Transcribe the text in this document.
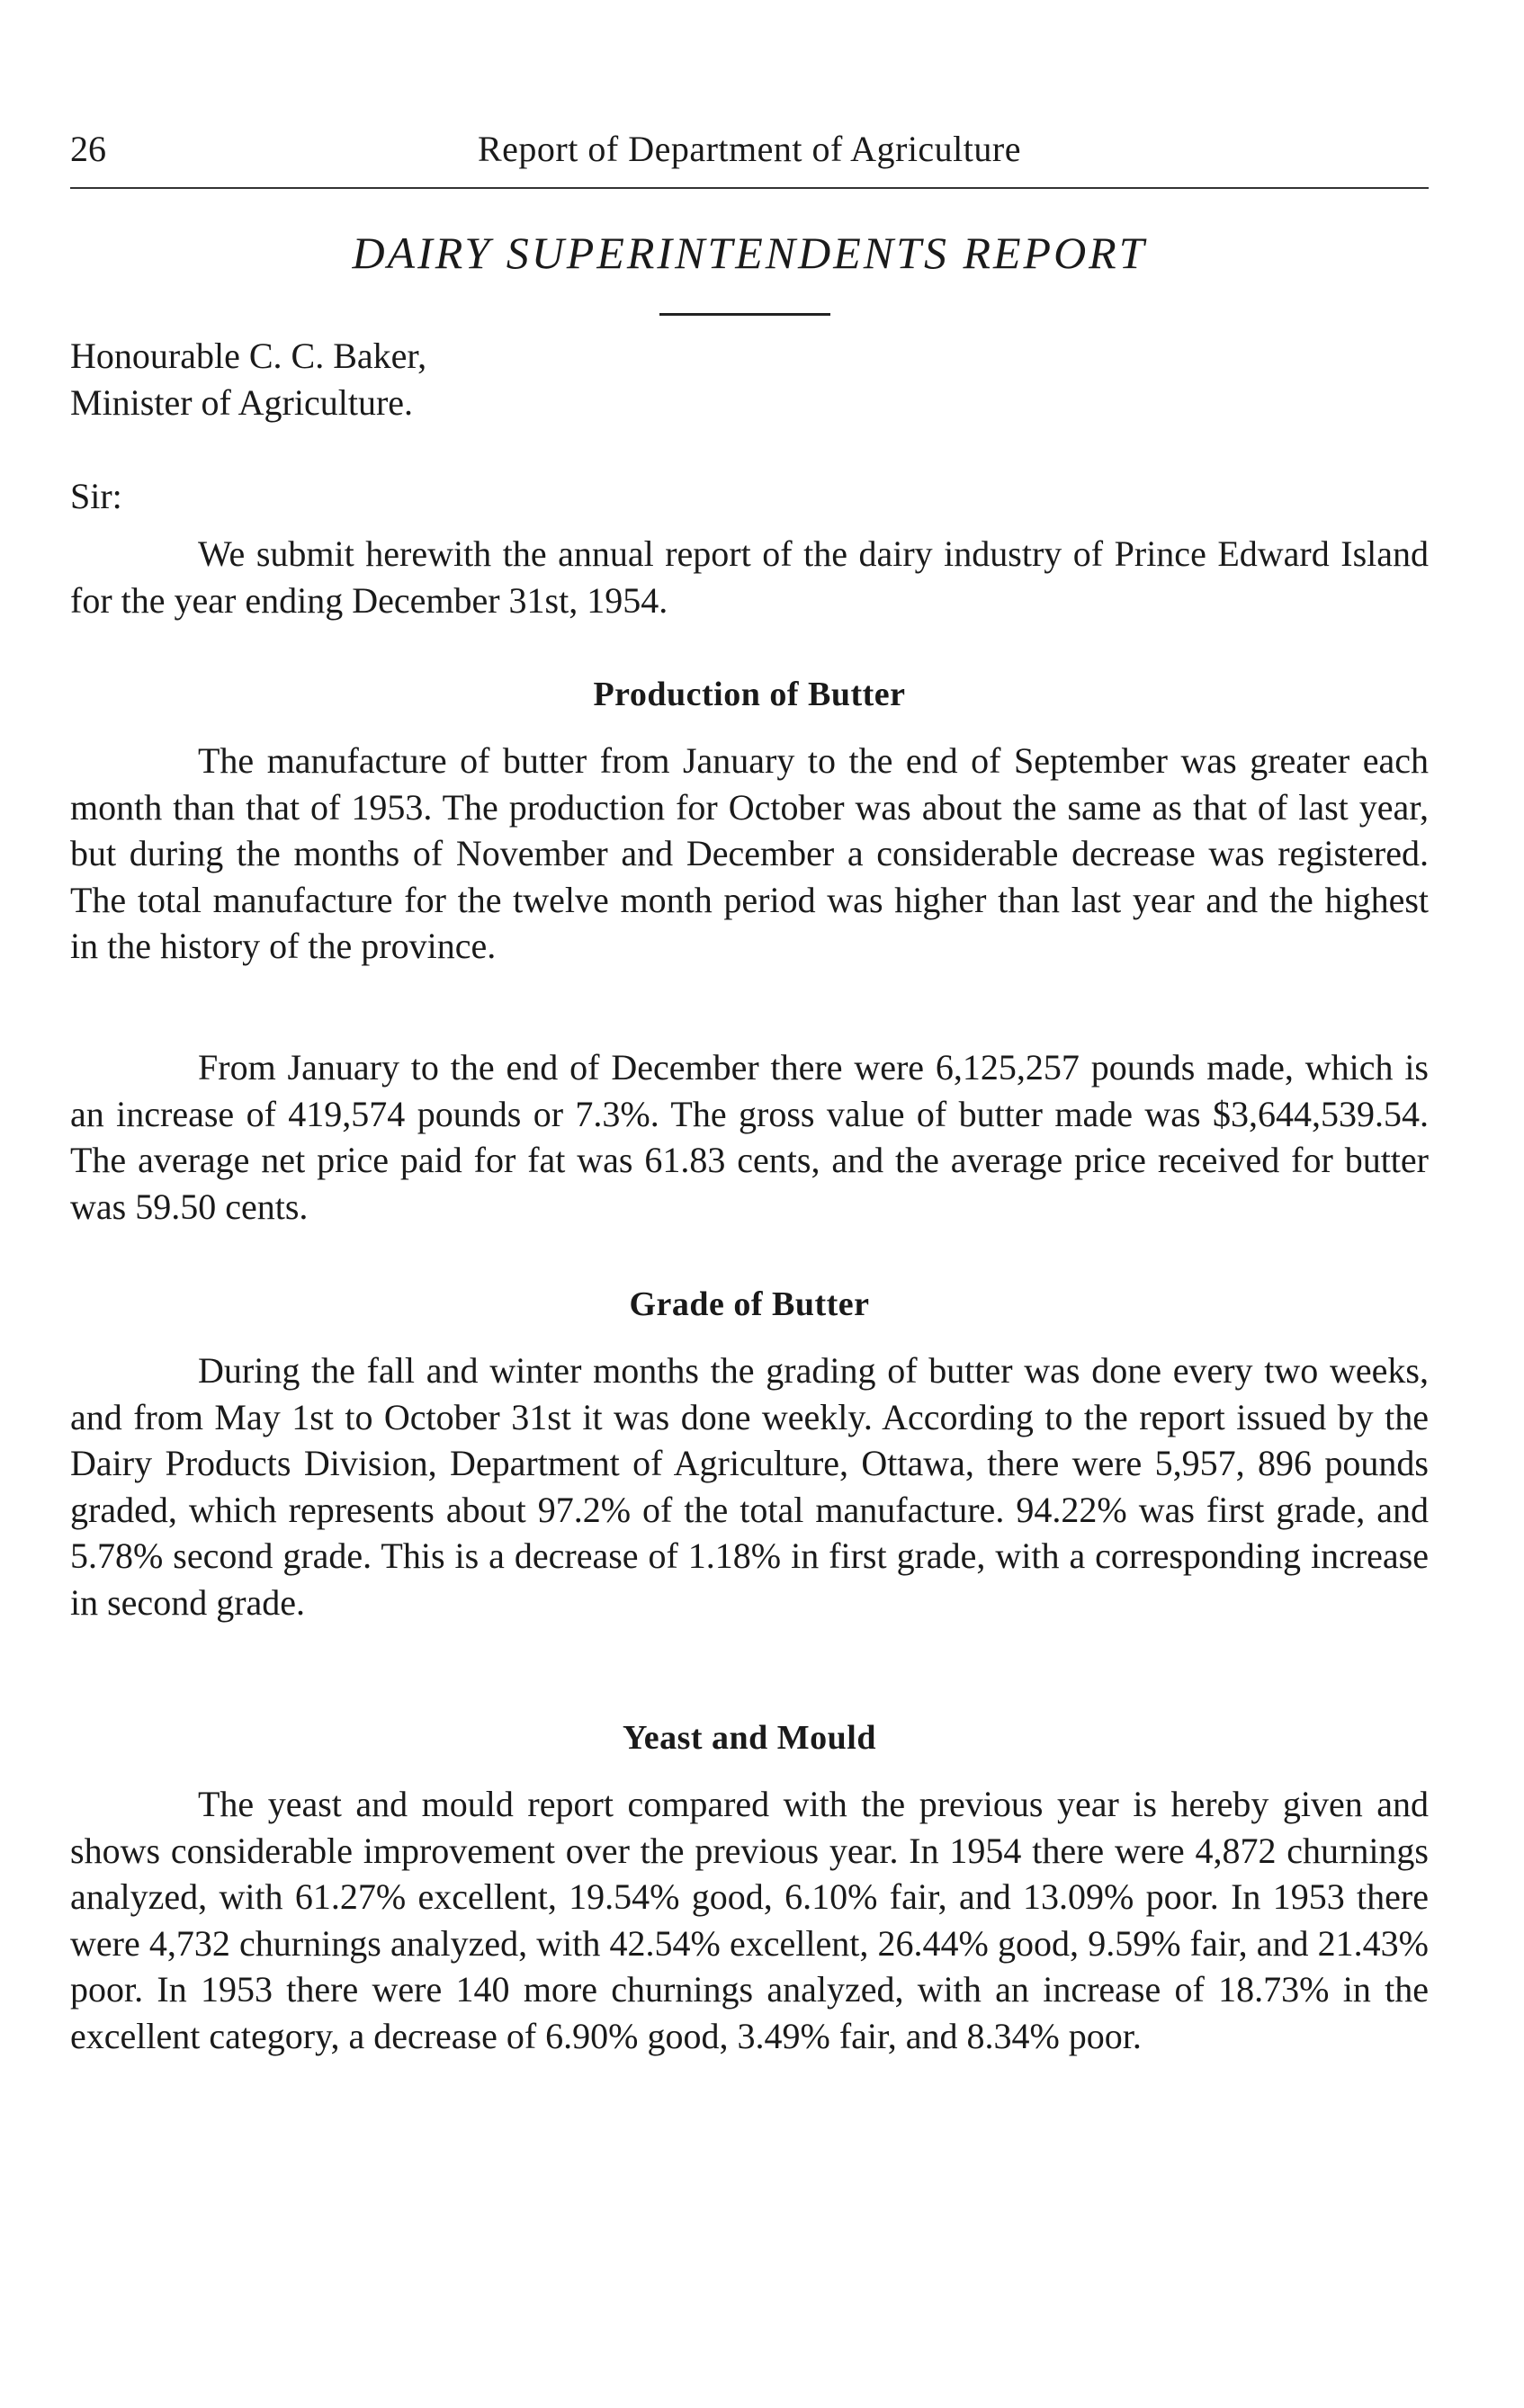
26	Report of Department of Agriculture
DAIRY SUPERINTENDENTS REPORT
Honourable C. C. Baker,
Minister of Agriculture.
Sir:

We submit herewith the annual report of the dairy industry of Prince Edward Island for the year ending December 31st, 1954.

Production of Butter

The manufacture of butter from January to the end of September was greater each month than that of 1953. The production for October was about the same as that of last year, but during the months of November and December a considerable decrease was registered. The total manufacture for the twelve month period was higher than last year and the highest in the history of the province.

From January to the end of December there were 6,125,257 pounds made, which is an increase of 419,574 pounds or 7.3%. The gross value of butter made was $3,644,539.54. The average net price paid for fat was 61.83 cents, and the average price received for butter was 59.50 cents.

Grade of Butter

During the fall and winter months the grading of butter was done every two weeks, and from May 1st to October 31st it was done weekly. According to the report issued by the Dairy Products Division, Department of Agriculture, Ottawa, there were 5,957, 896 pounds graded, which represents about 97.2% of the total manufacture. 94.22% was first grade, and 5.78% second grade. This is a decrease of 1.18% in first grade, with a corresponding increase in second grade.

Yeast and Mould

The yeast and mould report compared with the previous year is hereby given and shows considerable improvement over the previous year. In 1954 there were 4,872 churnings analyzed, with 61.27% excellent, 19.54% good, 6.10% fair, and 13.09% poor. In 1953 there were 4,732 churnings analyzed, with 42.54% excellent, 26.44% good, 9.59% fair, and 21.43% poor. In 1953 there were 140 more churnings analyzed, with an increase of 18.73% in the excellent category, a decrease of 6.90% good, 3.49% fair, and 8.34% poor.
